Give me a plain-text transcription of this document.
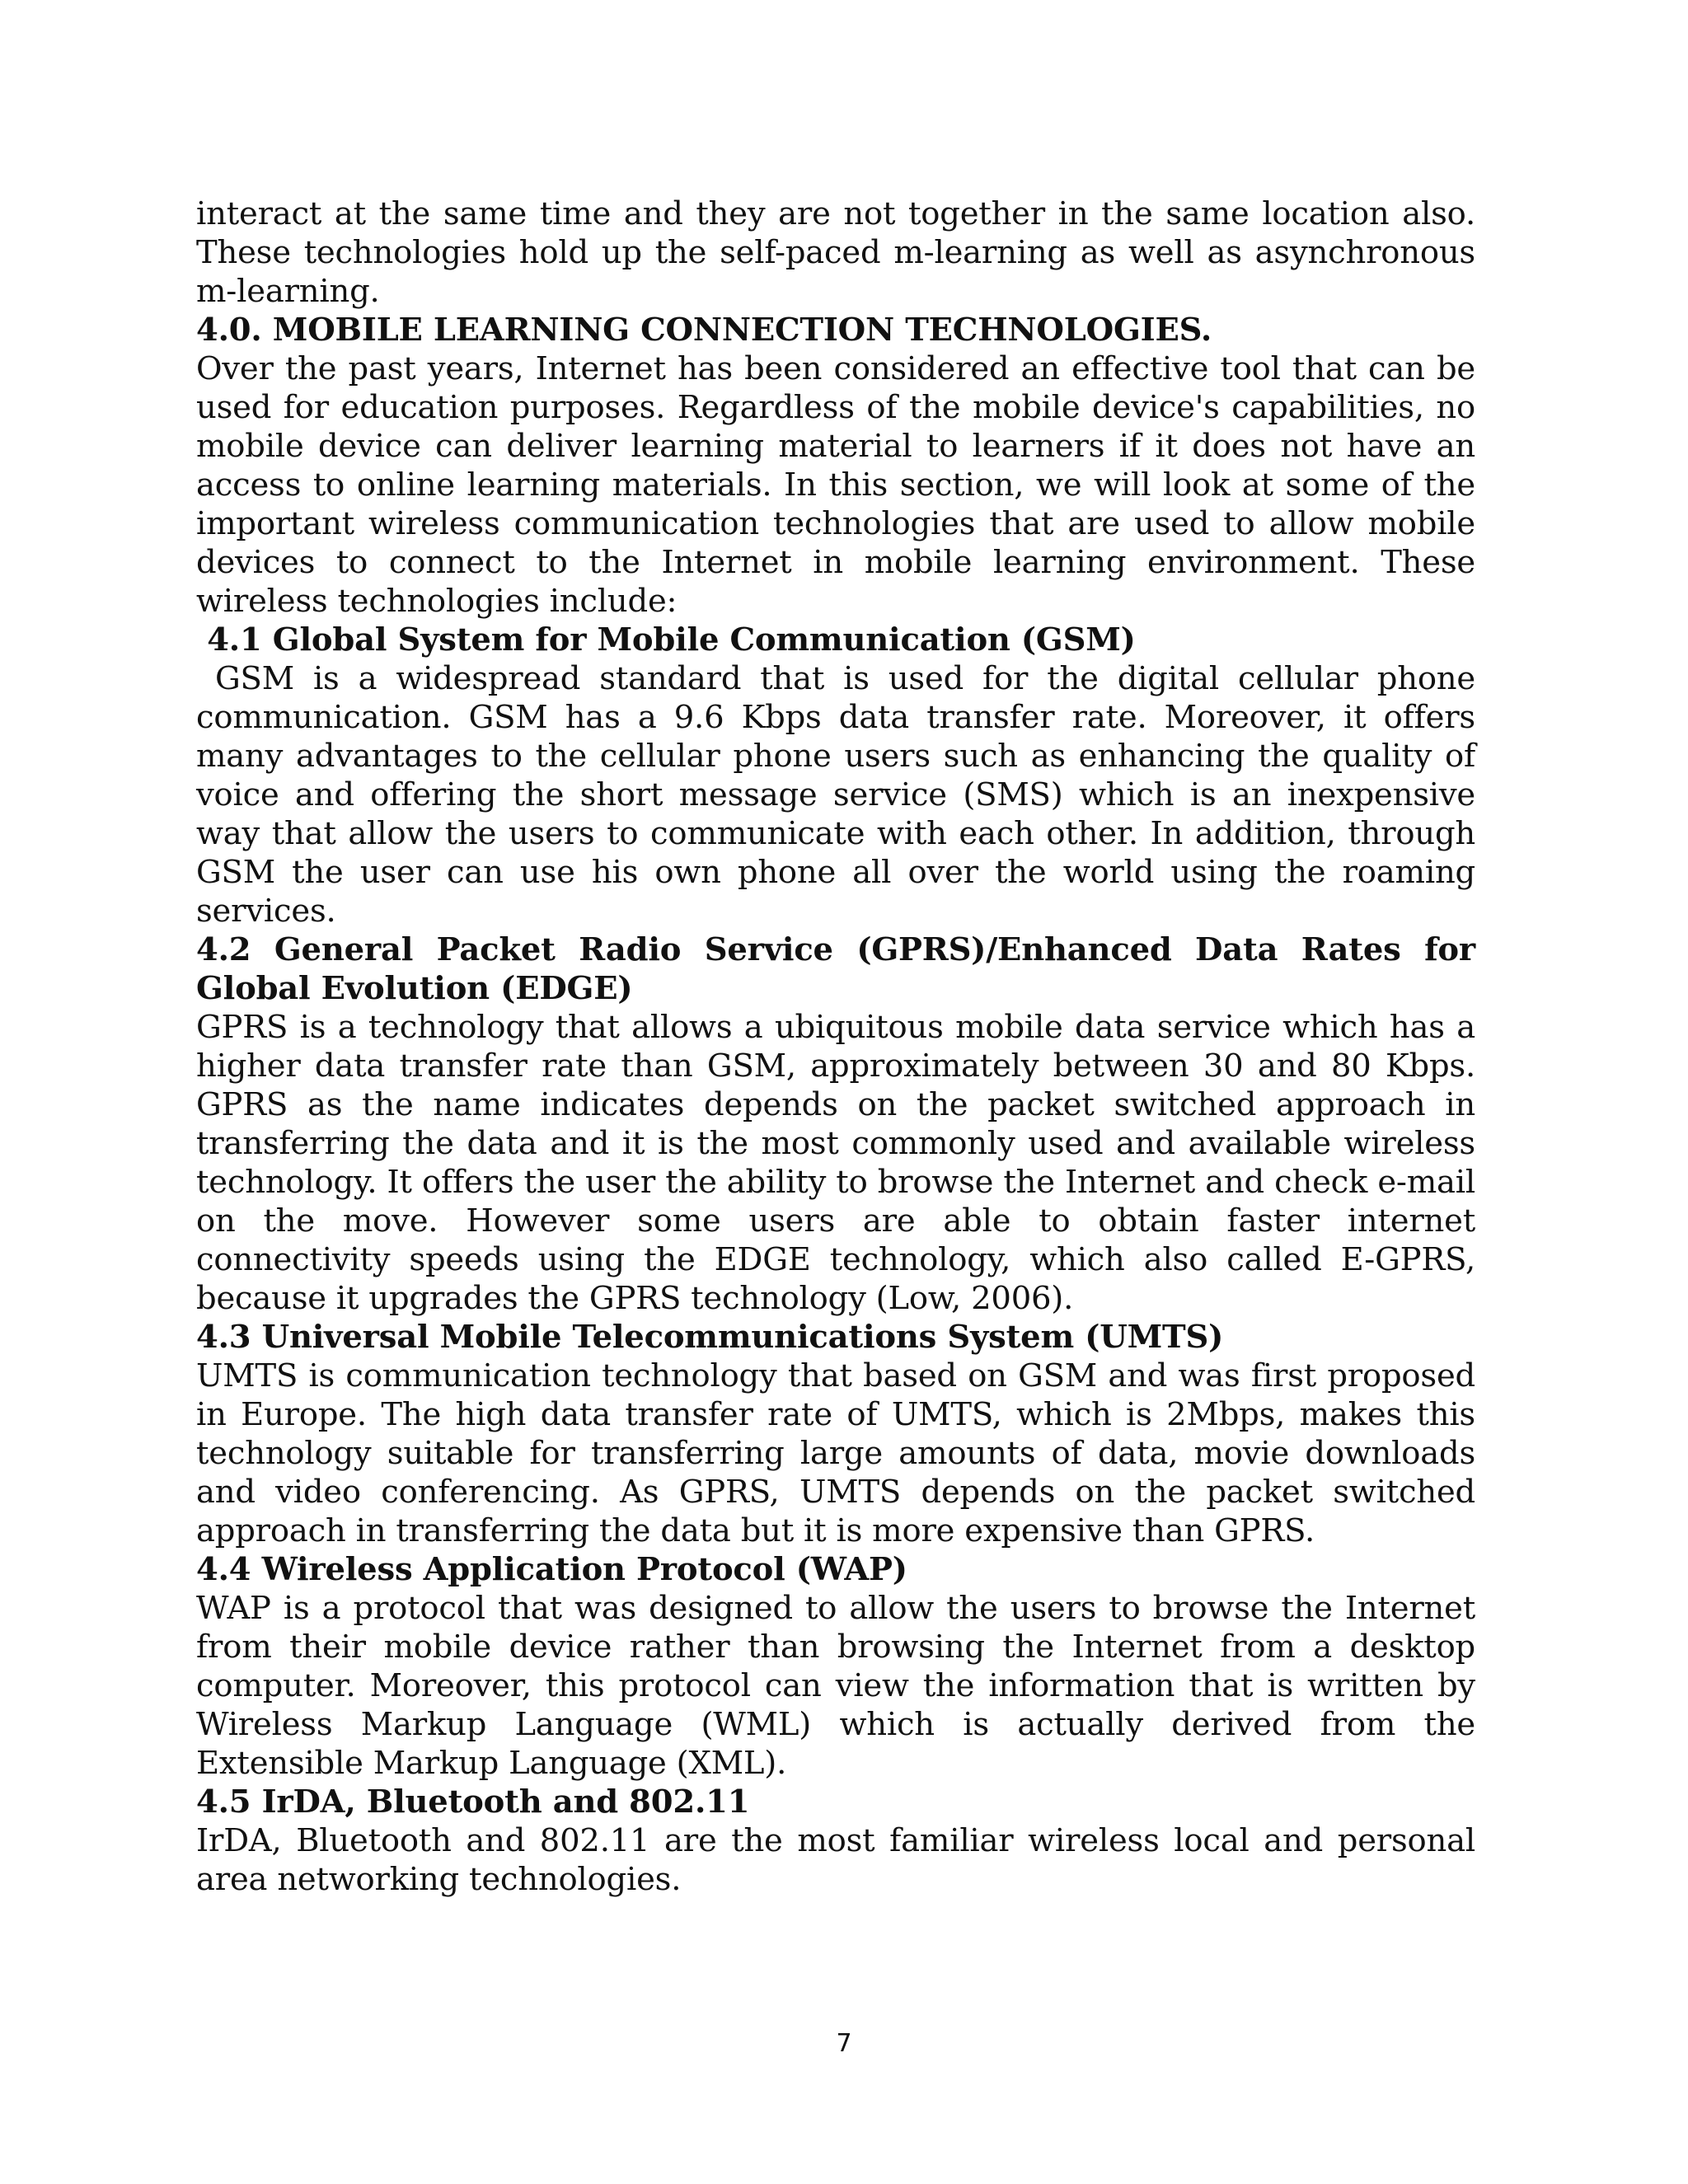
interact at the same time and they are not together in the same location also. These technologies hold up the self-paced m-learning as well as asynchronous m-learning.

4.0. MOBILE LEARNING CONNECTION TECHNOLOGIES.

Over the past years, Internet has been considered an effective tool that can be used for education purposes. Regardless of the mobile device's capabilities, no mobile device can deliver learning material to learners if it does not have an access to online learning materials. In this section, we will look at some of the important wireless communication technologies that are used to allow mobile devices to connect to the Internet in mobile learning environment. These wireless technologies include:

4.1 Global System for Mobile Communication (GSM)

GSM is a widespread standard that is used for the digital cellular phone communication. GSM has a 9.6 Kbps data transfer rate. Moreover, it offers many advantages to the cellular phone users such as enhancing the quality of voice and offering the short message service (SMS) which is an inexpensive way that allow the users to communicate with each other. In addition, through GSM the user can use his own phone all over the world using the roaming services.

4.2 General Packet Radio Service (GPRS)/Enhanced Data Rates for Global Evolution (EDGE)

GPRS is a technology that allows a ubiquitous mobile data service which has a higher data transfer rate than GSM, approximately between 30 and 80 Kbps. GPRS as the name indicates depends on the packet switched approach in transferring the data and it is the most commonly used and available wireless technology. It offers the user the ability to browse the Internet and check e-mail on the move. However some users are able to obtain faster internet connectivity speeds using the EDGE technology, which also called E-GPRS, because it upgrades the GPRS technology (Low, 2006).

4.3 Universal Mobile Telecommunications System (UMTS)

UMTS is communication technology that based on GSM and was first proposed in Europe. The high data transfer rate of UMTS, which is 2Mbps, makes this technology suitable for transferring large amounts of data, movie downloads and video conferencing. As GPRS, UMTS depends on the packet switched approach in transferring the data but it is more expensive than GPRS.

4.4 Wireless Application Protocol (WAP)

WAP is a protocol that was designed to allow the users to browse the Internet from their mobile device rather than browsing the Internet from a desktop computer. Moreover, this protocol can view the information that is written by Wireless Markup Language (WML) which is actually derived from the Extensible Markup Language (XML).

4.5 IrDA, Bluetooth and 802.11

IrDA, Bluetooth and 802.11 are the most familiar wireless local and personal area networking technologies.

7
